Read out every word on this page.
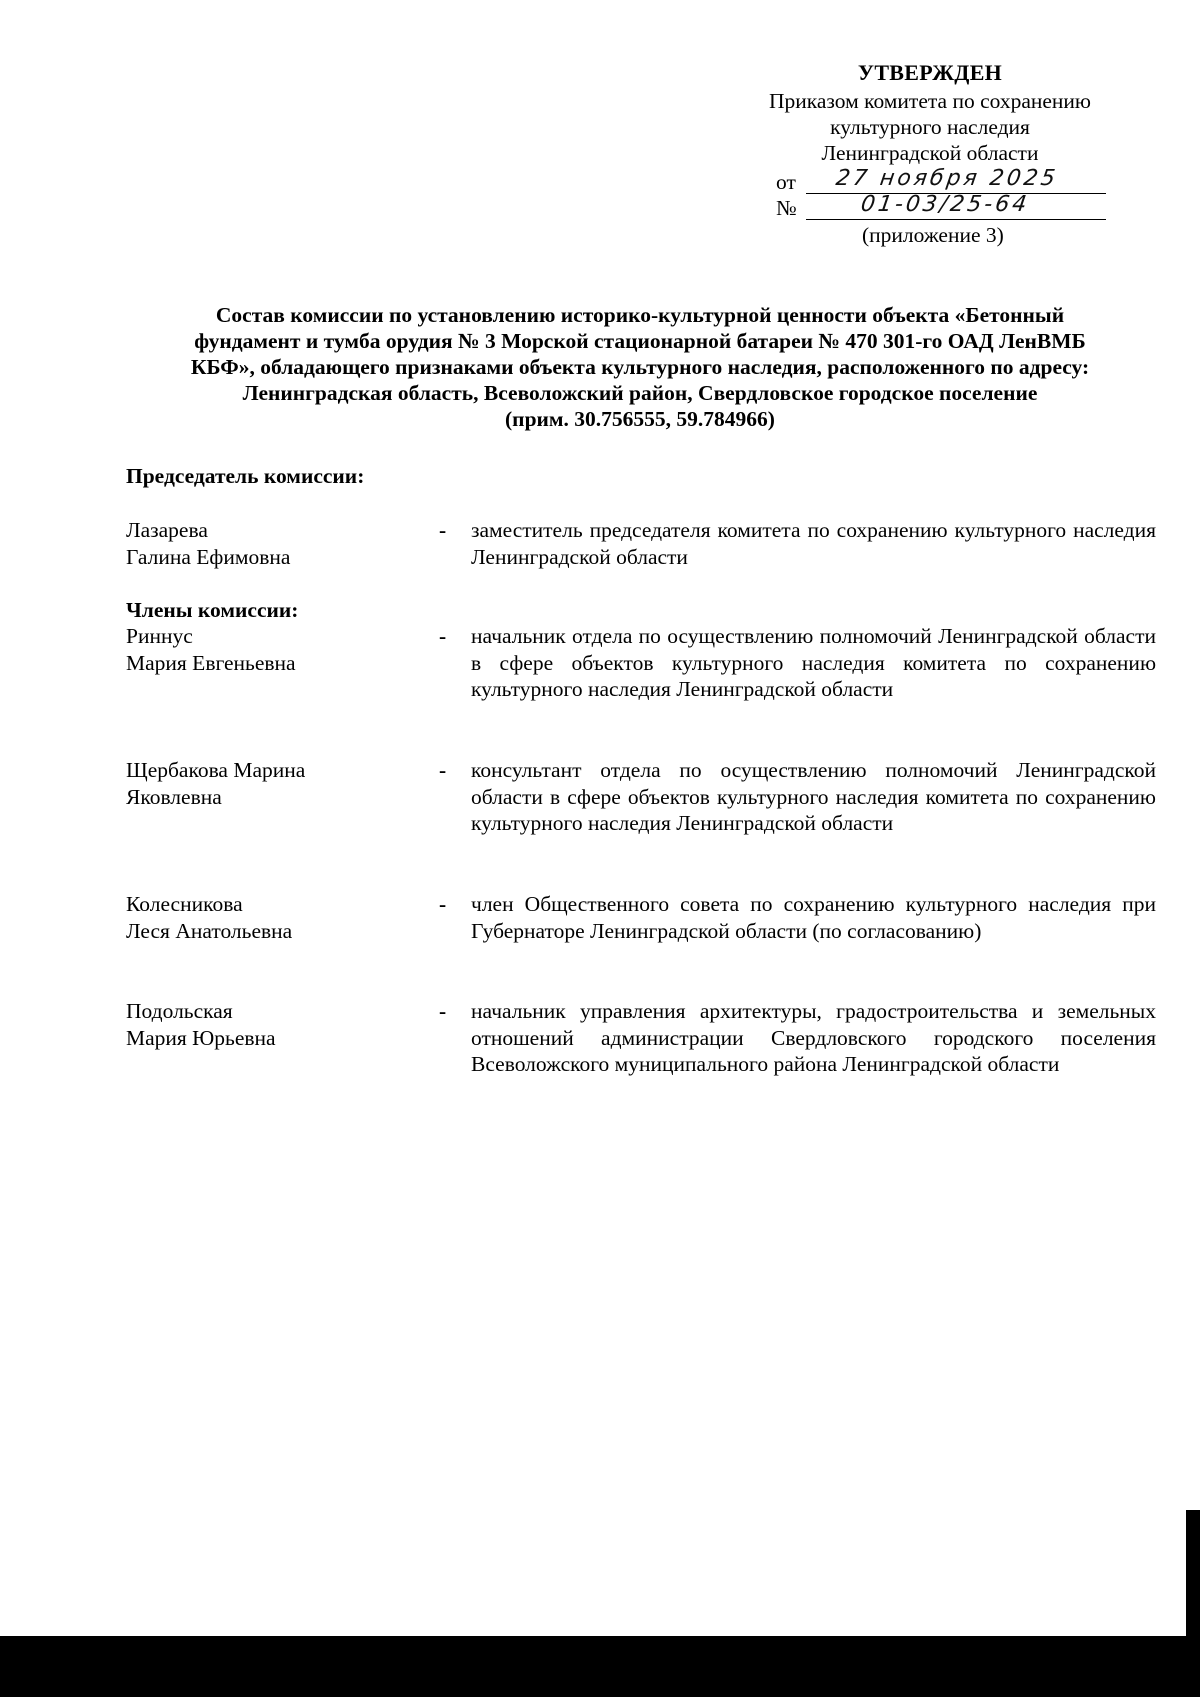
УТВЕРЖДЕН
Приказом комитета по сохранению
культурного наследия
Ленинградской области
от 27 ноября 2025
№	01-03/25-64
(приложение 3)
Состав комиссии по установлению историко-культурной ценности объекта «Бетонный
фундамент и тумба орудия № 3 Морской стационарной батареи № 470 301-го ОАД ЛенВМБ
КБФ», обладающего признаками объекта культурного наследия, расположенного по адресу:
Ленинградская область, Всеволожский район, Свердловское городское поселение
(прим. 30.756555, 59.784966)
Председатель комиссии:
Лазарева
Галина Ефимовна
- заместитель председателя комитета по сохранению культурного наследия Ленинградской области
Члены комиссии:
Риннус
Мария Евгеньевна
- начальник отдела по осуществлению полномочий Ленинградской области в сфере объектов культурного наследия комитета по сохранению культурного наследия Ленинградской области
Щербакова Марина
Яковлевна
- консультант отдела по осуществлению полномочий Ленинградской области в сфере объектов культурного наследия комитета по сохранению культурного наследия Ленинградской области
Колесникова
Леся Анатольевна
- член Общественного совета по сохранению культурного наследия при Губернаторе Ленинградской области (по согласованию)
Подольская
Мария Юрьевна
- начальник управления архитектуры, градостроительства и земельных отношений администрации Свердловского городского поселения Всеволожского муниципального района Ленинградской области
